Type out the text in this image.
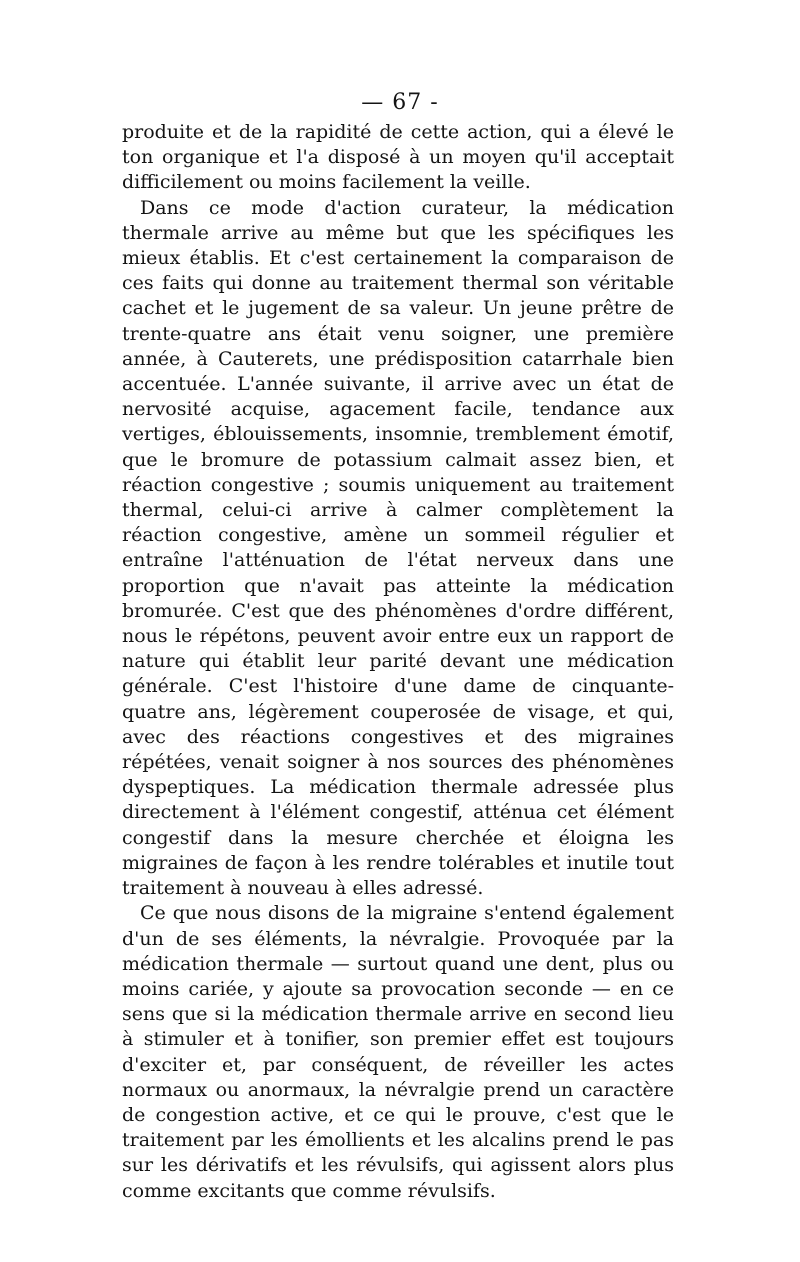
— 67 -

produite et de la rapidité de cette action, qui a élevé le ton organique et l'a disposé à un moyen qu'il acceptait difficilement ou moins facilement la veille.

Dans ce mode d'action curateur, la médication thermale arrive au même but que les spécifiques les mieux établis. Et c'est certainement la comparaison de ces faits qui donne au traitement thermal son véritable cachet et le jugement de sa valeur. Un jeune prêtre de trente-quatre ans était venu soigner, une première année, à Cauterets, une prédisposition catarrhale bien accentuée. L'année suivante, il arrive avec un état de nervosité acquise, agacement facile, tendance aux vertiges, éblouissements, insomnie, tremblement émotif, que le bromure de potassium calmait assez bien, et réaction congestive ; soumis uniquement au traitement thermal, celui-ci arrive à calmer complètement la réaction congestive, amène un sommeil régulier et entraîne l'atténuation de l'état nerveux dans une proportion que n'avait pas atteinte la médication bromurée. C'est que des phénomènes d'ordre différent, nous le répétons, peuvent avoir entre eux un rapport de nature qui établit leur parité devant une médication générale. C'est l'histoire d'une dame de cinquante-quatre ans, légèrement couperosée de visage, et qui, avec des réactions congestives et des migraines répétées, venait soigner à nos sources des phénomènes dyspeptiques. La médication thermale adressée plus directement à l'élément congestif, atténua cet élément congestif dans la mesure cherchée et éloigna les migraines de façon à les rendre tolérables et inutile tout traitement à nouveau à elles adressé.

Ce que nous disons de la migraine s'entend également d'un de ses éléments, la névralgie. Provoquée par la médication thermale — surtout quand une dent, plus ou moins cariée, y ajoute sa provocation seconde — en ce sens que si la médication thermale arrive en second lieu à stimuler et à tonifier, son premier effet est toujours d'exciter et, par conséquent, de réveiller les actes normaux ou anormaux, la névralgie prend un caractère de congestion active, et ce qui le prouve, c'est que le traitement par les émollients et les alcalins prend le pas sur les dérivatifs et les révulsifs, qui agissent alors plus comme excitants que comme révulsifs.
